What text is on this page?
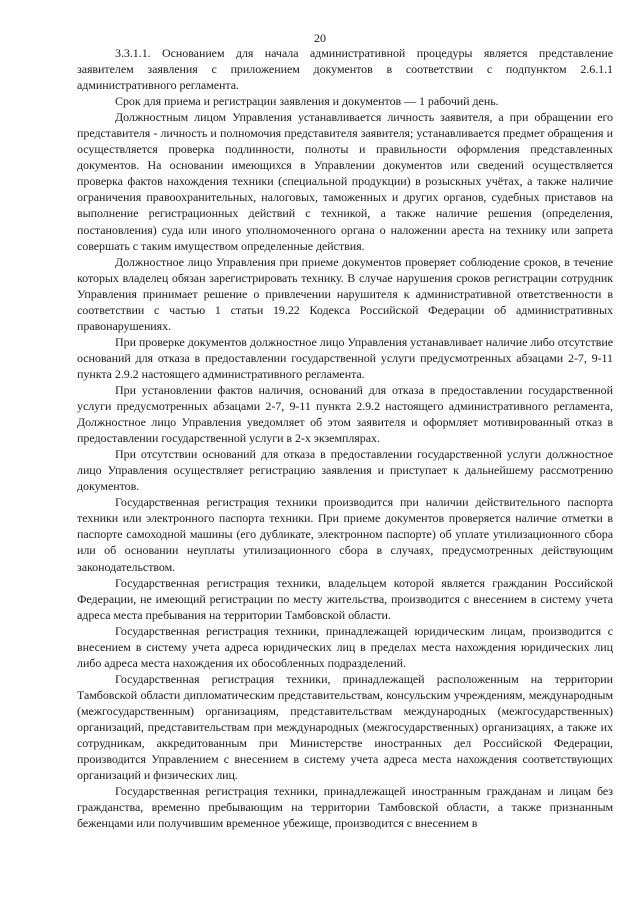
20

3.3.1.1. Основанием для начала административной процедуры является представление заявителем заявления с приложением документов в соответствии с подпунктом 2.6.1.1 административного регламента.

Срок для приема и регистрации заявления и документов — 1 рабочий день.

Должностным лицом Управления устанавливается личность заявителя, а при обращении его представителя - личность и полномочия представителя заявителя; устанавливается предмет обращения и осуществляется проверка подлинности, полноты и правильности оформления представленных документов. На основании имеющихся в Управлении документов или сведений осуществляется проверка фактов нахождения техники (специальной продукции) в розыскных учётах, а также наличие ограничения правоохранительных, налоговых, таможенных и других органов, судебных приставов на выполнение регистрационных действий с техникой, а также наличие решения (определения, постановления) суда или иного уполномоченного органа о наложении ареста на технику или запрета совершать с таким имуществом определенные действия.

Должностное лицо Управления при приеме документов проверяет соблюдение сроков, в течение которых владелец обязан зарегистрировать технику. В случае нарушения сроков регистрации сотрудник Управления принимает решение о привлечении нарушителя к административной ответственности в соответствии с частью 1 статьи 19.22 Кодекса Российской Федерации об административных правонарушениях.

При проверке документов должностное лицо Управления устанавливает наличие либо отсутствие оснований для отказа в предоставлении государственной услуги предусмотренных абзацами 2-7, 9-11 пункта 2.9.2 настоящего административного регламента.

При установлении фактов наличия, оснований для отказа в предоставлении государственной услуги предусмотренных абзацами 2-7, 9-11 пункта 2.9.2 настоящего административного регламента, Должностное лицо Управления уведомляет об этом заявителя и оформляет мотивированный отказ в предоставлении государственной услуги в 2-х экземплярах.

При отсутствии оснований для отказа в предоставлении государственной услуги должностное лицо Управления осуществляет регистрацию заявления и приступает к дальнейшему рассмотрению документов.

Государственная регистрация техники производится при наличии действительного паспорта техники или электронного паспорта техники. При приеме документов проверяется наличие отметки в паспорте самоходной машины (его дубликате, электронном паспорте) об уплате утилизационного сбора или об основании неуплаты утилизационного сбора в случаях, предусмотренных действующим законодательством.

Государственная регистрация техники, владельцем которой является гражданин Российской Федерации, не имеющий регистрации по месту жительства, производится с внесением в систему учета адреса места пребывания на территории Тамбовской области.

Государственная регистрация техники, принадлежащей юридическим лицам, производится с внесением в систему учета адреса юридических лиц в пределах места нахождения юридических лиц либо адреса места нахождения их обособленных подразделений.

Государственная регистрация техники, принадлежащей расположенным на территории Тамбовской области дипломатическим представительствам, консульским учреждениям, международным (межгосударственным) организациям, представительствам международных (межгосударственных) организаций, представительствам при международных (межгосударственных) организациях, а также их сотрудникам, аккредитованным при Министерстве иностранных дел Российской Федерации, производится Управлением с внесением в систему учета адреса места нахождения соответствующих организаций и физических лиц.

Государственная регистрация техники, принадлежащей иностранным гражданам и лицам без гражданства, временно пребывающим на территории Тамбовской области, а также признанным беженцами или получившим временное убежище, производится с внесением в
